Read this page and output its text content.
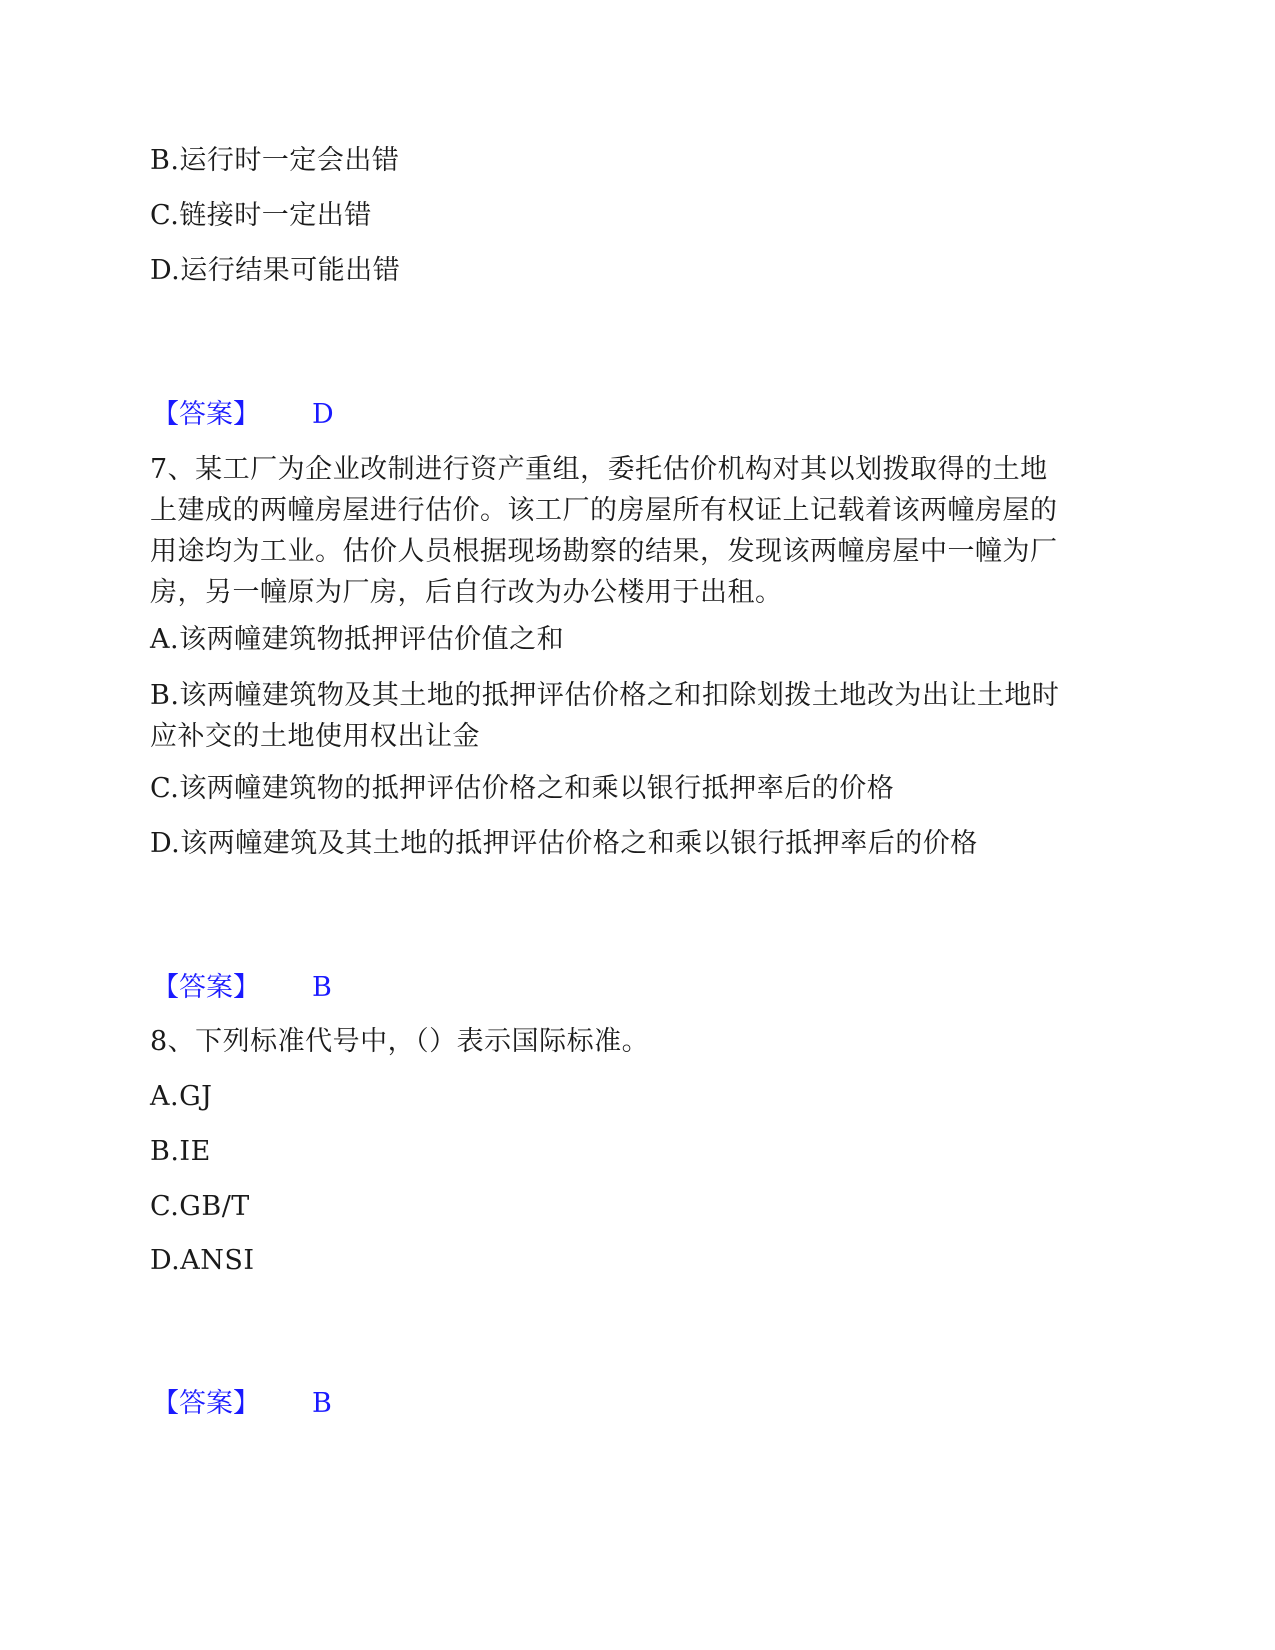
B.运行时一定会出错
C.链接时一定出错
D.运行结果可能出错
【答案】 D
7、某工厂为企业改制进行资产重组，委托估价机构对其以划拨取得的土地
上建成的两幢房屋进行估价。该工厂的房屋所有权证上记载着该两幢房屋的
用途均为工业。估价人员根据现场勘察的结果，发现该两幢房屋中一幢为厂
房，另一幢原为厂房，后自行改为办公楼用于出租。
A.该两幢建筑物抵押评估价值之和
B.该两幢建筑物及其土地的抵押评估价格之和扣除划拨土地改为出让土地时
应补交的土地使用权出让金
C.该两幢建筑物的抵押评估价格之和乘以银行抵押率后的价格
D.该两幢建筑及其土地的抵押评估价格之和乘以银行抵押率后的价格
【答案】 B
8、下列标准代号中，（）表示国际标准。
A.GJ
B.IE
C.GB/T
D.ANSI
【答案】 B
